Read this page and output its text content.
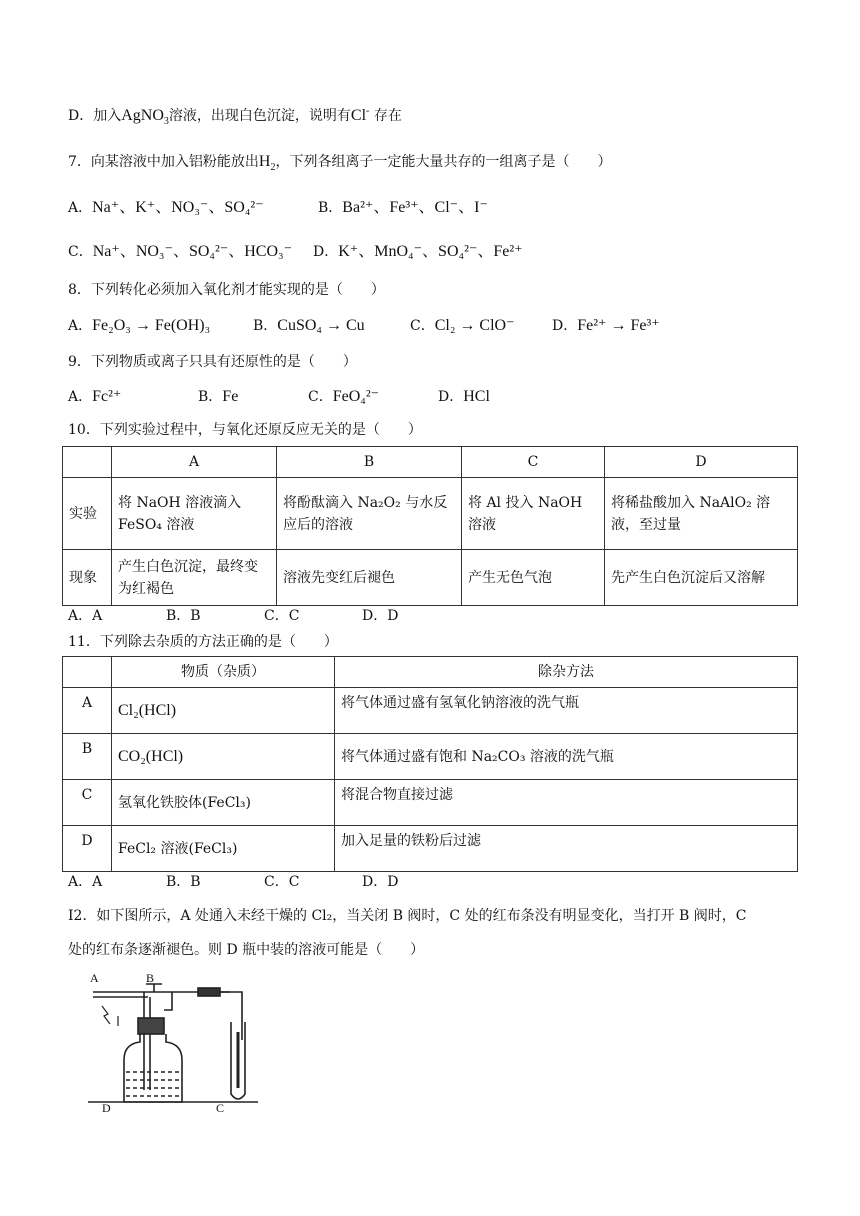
D．加入AgNO$_3$溶液，出现白色沉淀，说明有Cl- 存在
7．向某溶液中加入铝粉能放出$H_2$，下列各组离子一定能大量共存的一组离子是（　　）
A．Na⁺、K⁺、NO₃⁻、SO₄²⁻	B．Ba²⁺、Fe³⁺、Cl⁻、I⁻
C．Na⁺、NO₃⁻、SO₄²⁻、HCO₃⁻ D．K⁺、MnO₄⁻、SO₄²⁻、Fe²⁺
8．下列转化必须加入氧化剂才能实现的是（　　）
A．Fe₂O₃ → Fe(OH)₃	B．CuSO₄ → Cu	C．Cl₂ → ClO⁻	D．Fe²⁺ → Fe³⁺
9．下列物质或离子只具有还原性的是（　　）
A．Fc²⁺	B．Fe	C．FeO₄²⁻	D．HCl
10．下列实验过程中，与氧化还原反应无关的是（　　）
	A	B	C	D
实验	将 NaOH 溶液滴入 FeSO₄ 溶液	将酚酞滴入 Na₂O₂ 与水反应后的溶液	将 Al 投入 NaOH 溶液	将稀盐酸加入 NaAlO₂ 溶液，至过量
现象	产生白色沉淀，最终变为红褐色	溶液先变红后褪色	产生无色气泡	先产生白色沉淀后又溶解
A．A	B．B	C．C	D．D
11．下列除去杂质的方法正确的是（　　）
	物质（杂质）	除杂方法
A	Cl₂(HCl)	将气体通过盛有氢氧化钠溶液的洗气瓶
B	CO₂(HCl)	将气体通过盛有饱和 Na₂CO₃ 溶液的洗气瓶
C	氢氧化铁胶体(FeCl₃)	将混合物直接过滤
D	FeCl₂ 溶液(FeCl₃)	加入足量的铁粉后过滤
A．A	B．B	C．C	D．D
I2．如下图所示，A 处通入未经干燥的 Cl₂，当关闭 B 阀时，C 处的红布条没有明显变化，当打开 B 阀时，C
处的红布条逐渐褪色。则 D 瓶中装的溶液可能是（　　）
A	B
C
D
